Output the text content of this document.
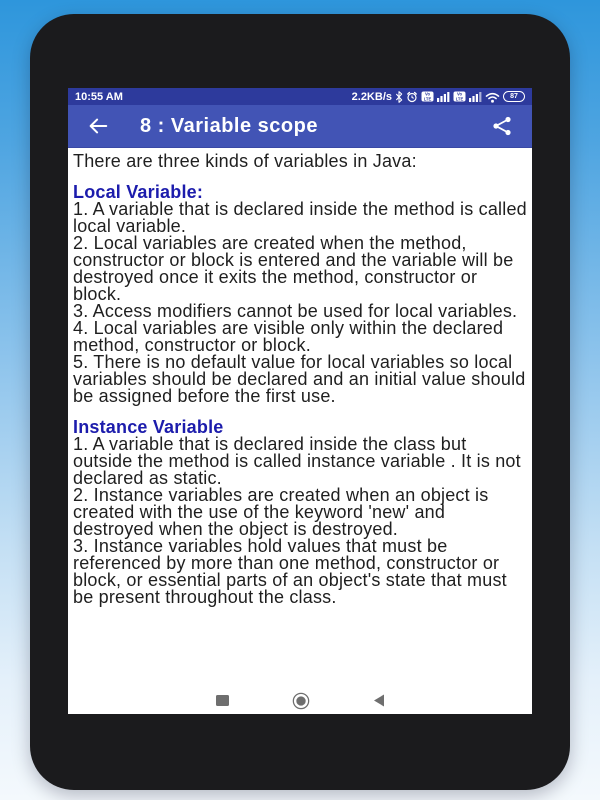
10:55 AM	2.2KB/s	Vo
LTE
Vo
LTE	87
8 : Variable scope

There are three kinds of variables in Java:

Local Variable:

1. A variable that is declared inside the method is called local variable.

2. Local variables are created when the method, constructor or block is entered and the variable will be destroyed once it exits the method, constructor or block.

3. Access modifiers cannot be used for local variables.

4. Local variables are visible only within the declared method, constructor or block.

5. There is no default value for local variables so local variables should be declared and an initial value should be assigned before the first use.

Instance Variable

1. A variable that is declared inside the class but outside the method is called instance variable . It is not declared as static.

2. Instance variables are created when an object is created with the use of the keyword 'new' and destroyed when the object is destroyed.

3. Instance variables hold values that must be referenced by more than one method, constructor or block, or essential parts of an object's state that must be present throughout the class.
